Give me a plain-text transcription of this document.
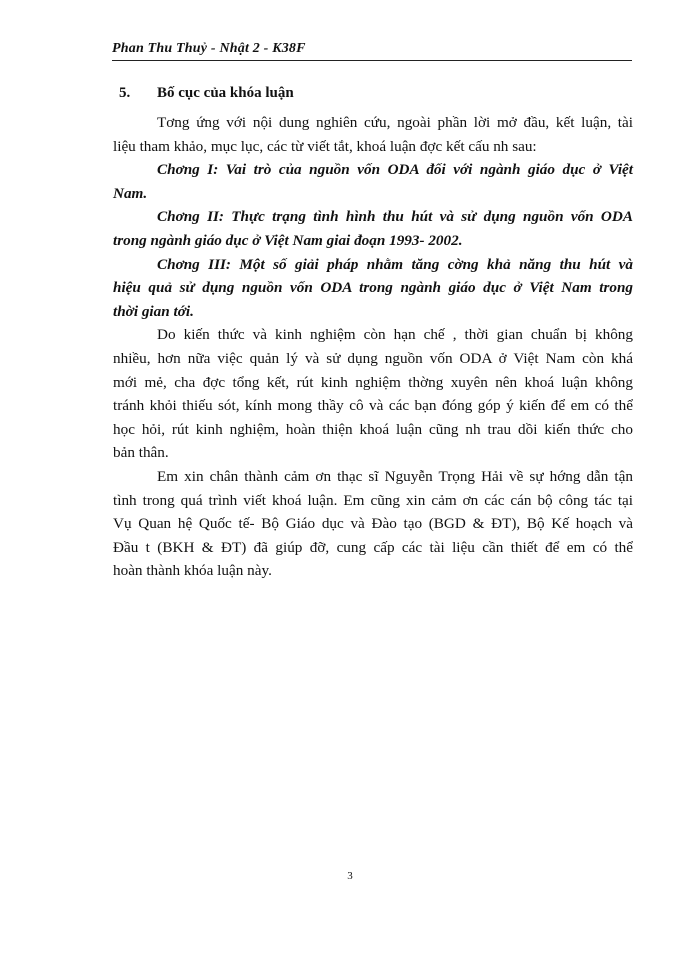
Phan Thu Thuỷ - Nhật 2 - K38F
5. Bố cục của khóa luận
Tơng ứng với nội dung nghiên cứu, ngoài phần lời mở đầu, kết luận, tài
liệu tham khảo, mục lục, các từ viết tắt, khoá luận đợc kết cấu nh sau:
Chơng I: Vai trò của nguồn vốn ODA đối với ngành giáo dục ở Việt
Nam.
Chơng II: Thực trạng tình hình thu hút và sử dụng nguồn vốn ODA
trong ngành giáo dục ở Việt Nam giai đoạn 1993- 2002.
Chơng III: Một số giải pháp nhằm tăng cờng khả năng thu hút và
hiệu quả sử dụng nguồn vốn ODA trong ngành giáo dục ở Việt Nam trong
thời gian tới.
Do kiến thức và kinh nghiệm còn hạn chế , thời gian chuẩn bị không
nhiều, hơn nữa việc quản lý và sử dụng nguồn vốn ODA ở Việt Nam còn khá
mới mẻ, cha đợc tổng kết, rút kinh nghiệm thờng xuyên nên khoá luận không
tránh khỏi thiếu sót, kính mong thầy cô và các bạn đóng góp ý kiến để em có thể
học hỏi, rút kinh nghiệm, hoàn thiện khoá luận cũng nh trau dồi kiến thức cho
bản thân.
Em xin chân thành cảm ơn thạc sĩ Nguyễn Trọng Hải về sự hớng dẫn tận
tình trong quá trình viết khoá luận. Em cũng xin cảm ơn các cán bộ công tác tại
Vụ Quan hệ Quốc tế- Bộ Giáo dục và Đào tạo (BGD & ĐT), Bộ Kế hoạch và
Đầu t (BKH & ĐT) đã giúp đỡ, cung cấp các tài liệu cần thiết để em có thể
hoàn thành khóa luận này.
3
